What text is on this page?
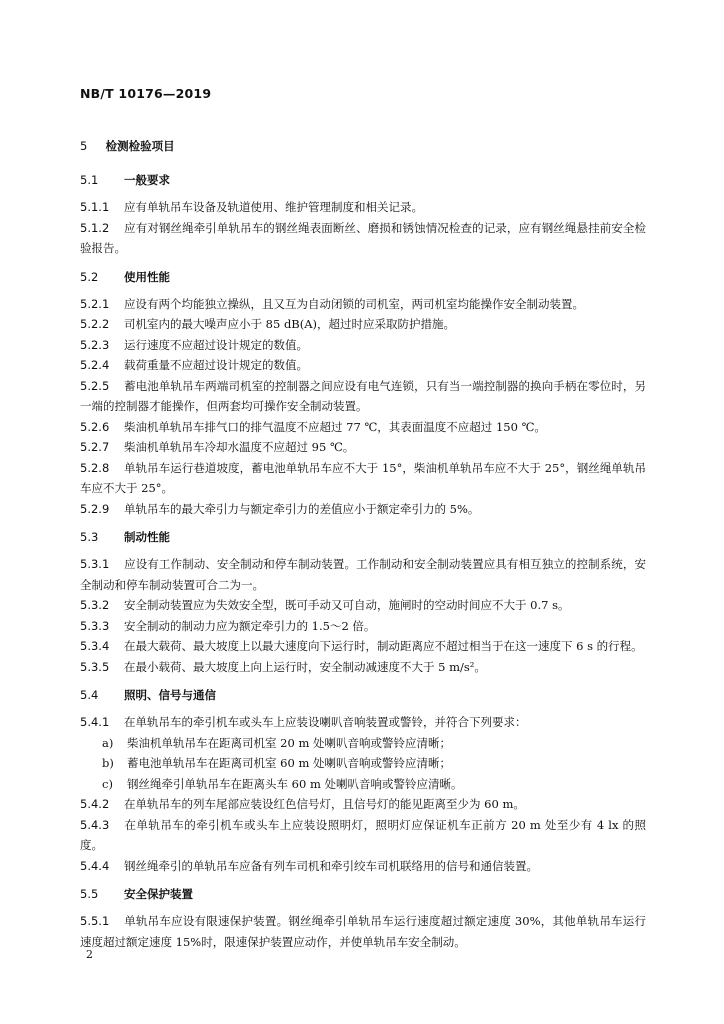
NB/T 10176—2019
5 检测检验项目
5.1 一般要求

5.1.1 应有单轨吊车设备及轨道使用、维护管理制度和相关记录。

5.1.2 应有对钢丝绳牵引单轨吊车的钢丝绳表面断丝、磨损和锈蚀情况检查的记录，应有钢丝绳悬挂前安全检验报告。

5.2 使用性能

5.2.1 应设有两个均能独立操纵，且又互为自动闭锁的司机室，两司机室均能操作安全制动装置。

5.2.2 司机室内的最大噪声应小于 85 dB(A)，超过时应采取防护措施。

5.2.3 运行速度不应超过设计规定的数值。

5.2.4 载荷重量不应超过设计规定的数值。

5.2.5 蓄电池单轨吊车两端司机室的控制器之间应设有电气连锁，只有当一端控制器的换向手柄在零位时，另一端的控制器才能操作，但两套均可操作安全制动装置。

5.2.6 柴油机单轨吊车排气口的排气温度不应超过 77 ℃，其表面温度不应超过 150 ℃。

5.2.7 柴油机单轨吊车冷却水温度不应超过 95 ℃。

5.2.8 单轨吊车运行巷道坡度，蓄电池单轨吊车应不大于 15°，柴油机单轨吊车应不大于 25°，钢丝绳单轨吊车应不大于 25°。

5.2.9 单轨吊车的最大牵引力与额定牵引力的差值应小于额定牵引力的 5%。

5.3 制动性能

5.3.1 应设有工作制动、安全制动和停车制动装置。工作制动和安全制动装置应具有相互独立的控制系统，安全制动和停车制动装置可合二为一。

5.3.2 安全制动装置应为失效安全型，既可手动又可自动，施闸时的空动时间应不大于 0.7 s。

5.3.3 安全制动的制动力应为额定牵引力的 1.5～2 倍。

5.3.4 在最大载荷、最大坡度上以最大速度向下运行时，制动距离应不超过相当于在这一速度下 6 s 的行程。

5.3.5 在最小载荷、最大坡度上向上运行时，安全制动减速度不大于 5 m/s²。

5.4 照明、信号与通信

5.4.1 在单轨吊车的牵引机车或头车上应装设喇叭音响装置或警铃，并符合下列要求：

a) 柴油机单轨吊车在距离司机室 20 m 处喇叭音响或警铃应清晰；

b) 蓄电池单轨吊车在距离司机室 60 m 处喇叭音响或警铃应清晰；

c) 钢丝绳牵引单轨吊车在距离头车 60 m 处喇叭音响或警铃应清晰。

5.4.2 在单轨吊车的列车尾部应装设红色信号灯，且信号灯的能见距离至少为 60 m。

5.4.3 在单轨吊车的牵引机车或头车上应装设照明灯，照明灯应保证机车正前方 20 m 处至少有 4 lx 的照度。

5.4.4 钢丝绳牵引的单轨吊车应备有列车司机和牵引绞车司机联络用的信号和通信装置。

5.5 安全保护装置

5.5.1 单轨吊车应设有限速保护装置。钢丝绳牵引单轨吊车运行速度超过额定速度 30%，其他单轨吊车运行速度超过额定速度 15%时，限速保护装置应动作，并使单轨吊车安全制动。

2
